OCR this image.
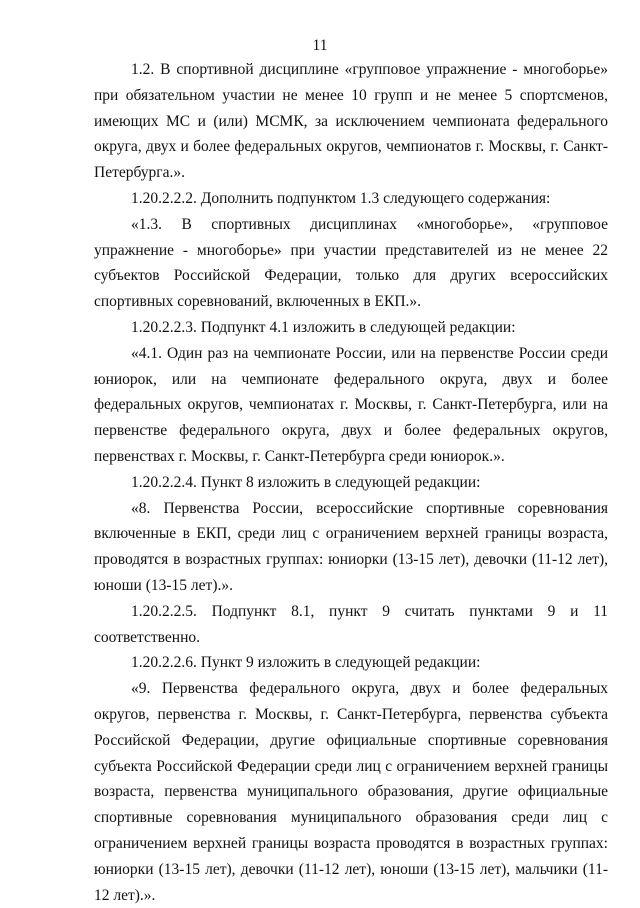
11

1.2. В спортивной дисциплине «групповое упражнение - многоборье» при обязательном участии не менее 10 групп и не менее 5 спортсменов, имеющих МС и (или) МСМК, за исключением чемпионата федерального округа, двух и более федеральных округов, чемпионатов г. Москвы, г. Санкт-Петербурга.».

1.20.2.2.2. Дополнить подпунктом 1.3 следующего содержания:

«1.3. В спортивных дисциплинах «многоборье», «групповое упражнение - многоборье» при участии представителей из не менее 22 субъектов Российской Федерации, только для других всероссийских спортивных соревнований, включенных в ЕКП.».

1.20.2.2.3. Подпункт 4.1 изложить в следующей редакции:

«4.1. Один раз на чемпионате России, или на первенстве России среди юниорок, или на чемпионате федерального округа, двух и более федеральных округов, чемпионатах г. Москвы, г. Санкт-Петербурга, или на первенстве федерального округа, двух и более федеральных округов, первенствах г. Москвы, г. Санкт-Петербурга среди юниорок.».

1.20.2.2.4. Пункт 8 изложить в следующей редакции:

«8. Первенства России, всероссийские спортивные соревнования включенные в ЕКП, среди лиц с ограничением верхней границы возраста, проводятся в возрастных группах: юниорки (13-15 лет), девочки (11-12 лет), юноши (13-15 лет).».

1.20.2.2.5. Подпункт 8.1, пункт 9 считать пунктами 9 и 11 соответственно.

1.20.2.2.6. Пункт 9 изложить в следующей редакции:

«9. Первенства федерального округа, двух и более федеральных округов, первенства г. Москвы, г. Санкт-Петербурга, первенства субъекта Российской Федерации, другие официальные спортивные соревнования субъекта Российской Федерации среди лиц с ограничением верхней границы возраста, первенства муниципального образования, другие официальные спортивные соревнования муниципального образования среди лиц с ограничением верхней границы возраста проводятся в возрастных группах: юниорки (13-15 лет), девочки (11-12 лет), юноши (13-15 лет), мальчики (11-12 лет).».
